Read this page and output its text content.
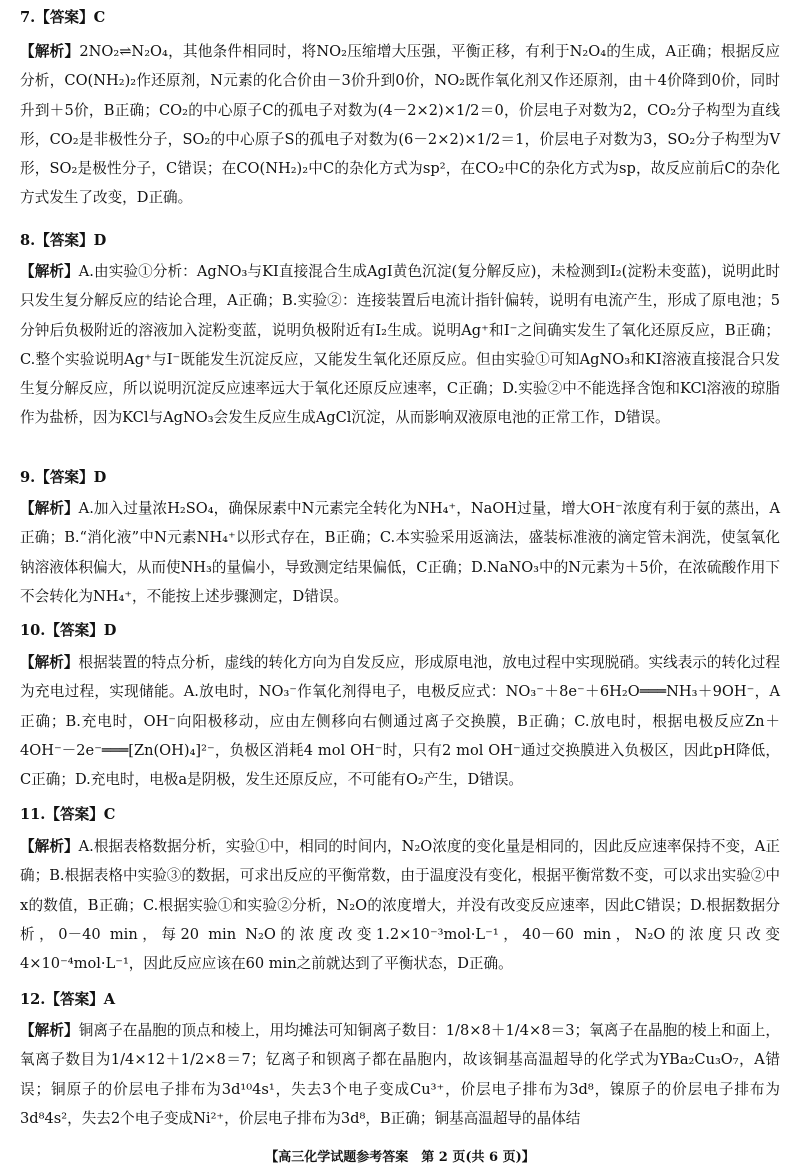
7.【答案】C
【解析】2NO₂⇌N₂O₄，其他条件相同时，将NO₂压缩增大压强，平衡正移，有利于N₂O₄的生成，A正确；根据反应分析，CO(NH₂)₂作还原剂，N元素的化合价由－3价升到0价，NO₂既作氧化剂又作还原剂，由＋4价降到0价，同时升到＋5价，B正确；CO₂的中心原子C的孤电子对数为(4－2×2)×1/2＝0，价层电子对数为2，CO₂分子构型为直线形，CO₂是非极性分子，SO₂的中心原子S的孤电子对数为(6－2×2)×1/2＝1，价层电子对数为3，SO₂分子构型为V形，SO₂是极性分子，C错误；在CO(NH₂)₂中C的杂化方式为sp²，在CO₂中C的杂化方式为sp，故反应前后C的杂化方式发生了改变，D正确。
8.【答案】D
【解析】A.由实验①分析：AgNO₃与KI直接混合生成AgI黄色沉淀(复分解反应)，未检测到I₂(淀粉未变蓝)，说明此时只发生复分解反应的结论合理，A正确；B.实验②：连接装置后电流计指针偏转，说明有电流产生，形成了原电池；5分钟后负极附近的溶液加入淀粉变蓝，说明负极附近有I₂生成。说明Ag⁺和I⁻之间确实发生了氧化还原反应，B正确；C.整个实验说明Ag⁺与I⁻既能发生沉淀反应，又能发生氧化还原反应。但由实验①可知AgNO₃和KI溶液直接混合只发生复分解反应，所以说明沉淀反应速率远大于氧化还原反应速率，C正确；D.实验②中不能选择含饱和KCl溶液的琼脂作为盐桥，因为KCl与AgNO₃会发生反应生成AgCl沉淀，从而影响双液原电池的正常工作，D错误。
9.【答案】D
【解析】A.加入过量浓H₂SO₄，确保尿素中N元素完全转化为NH₄⁺，NaOH过量，增大OH⁻浓度有利于氨的蒸出，A正确；B.“消化液”中N元素NH₄⁺以形式存在，B正确；C.本实验采用返滴法，盛装标准液的滴定管未润洗，使氢氧化钠溶液体积偏大，从而使NH₃的量偏小，导致测定结果偏低，C正确；D.NaNO₃中的N元素为＋5价，在浓硫酸作用下不会转化为NH₄⁺，不能按上述步骤测定，D错误。
10.【答案】D
【解析】根据装置的特点分析，虚线的转化方向为自发反应，形成原电池，放电过程中实现脱硝。实线表示的转化过程为充电过程，实现储能。A.放电时，NO₃⁻作氧化剂得电子，电极反应式：NO₃⁻＋8e⁻＋6H₂O═══NH₃＋9OH⁻，A正确；B.充电时，OH⁻向阳极移动，应由左侧移向右侧通过离子交换膜，B正确；C.放电时，根据电极反应Zn＋4OH⁻－2e⁻═══[Zn(OH)₄]²⁻，负极区消耗4 mol OH⁻时，只有2 mol OH⁻通过交换膜进入负极区，因此pH降低，C正确；D.充电时，电极a是阴极，发生还原反应，不可能有O₂产生，D错误。
11.【答案】C
【解析】A.根据表格数据分析，实验①中，相同的时间内，N₂O浓度的变化量是相同的，因此反应速率保持不变，A正确；B.根据表格中实验③的数据，可求出反应的平衡常数，由于温度没有变化，根据平衡常数不变，可以求出实验②中x的数值，B正确；C.根据实验①和实验②分析，N₂O的浓度增大，并没有改变反应速率，因此C错误；D.根据数据分析，0－40 min，每20 min N₂O的浓度改变1.2×10⁻³mol·L⁻¹，40－60 min，N₂O的浓度只改变4×10⁻⁴mol·L⁻¹，因此反应应该在60 min之前就达到了平衡状态，D正确。
12.【答案】A
【解析】铜离子在晶胞的顶点和棱上，用均摊法可知铜离子数目：1/8×8＋1/4×8＝3；氧离子在晶胞的棱上和面上，氧离子数目为1/4×12＋1/2×8＝7；钇离子和钡离子都在晶胞内，故该铜基高温超导的化学式为YBa₂Cu₃O₇，A错误；铜原子的价层电子排布为3d¹⁰4s¹，失去3个电子变成Cu³⁺，价层电子排布为3d⁸，镍原子的价层电子排布为3d⁸4s²，失去2个电子变成Ni²⁺，价层电子排布为3d⁸，B正确；铜基高温超导的晶体结
【高三化学试题参考答案　第 2 页(共 6 页)】
